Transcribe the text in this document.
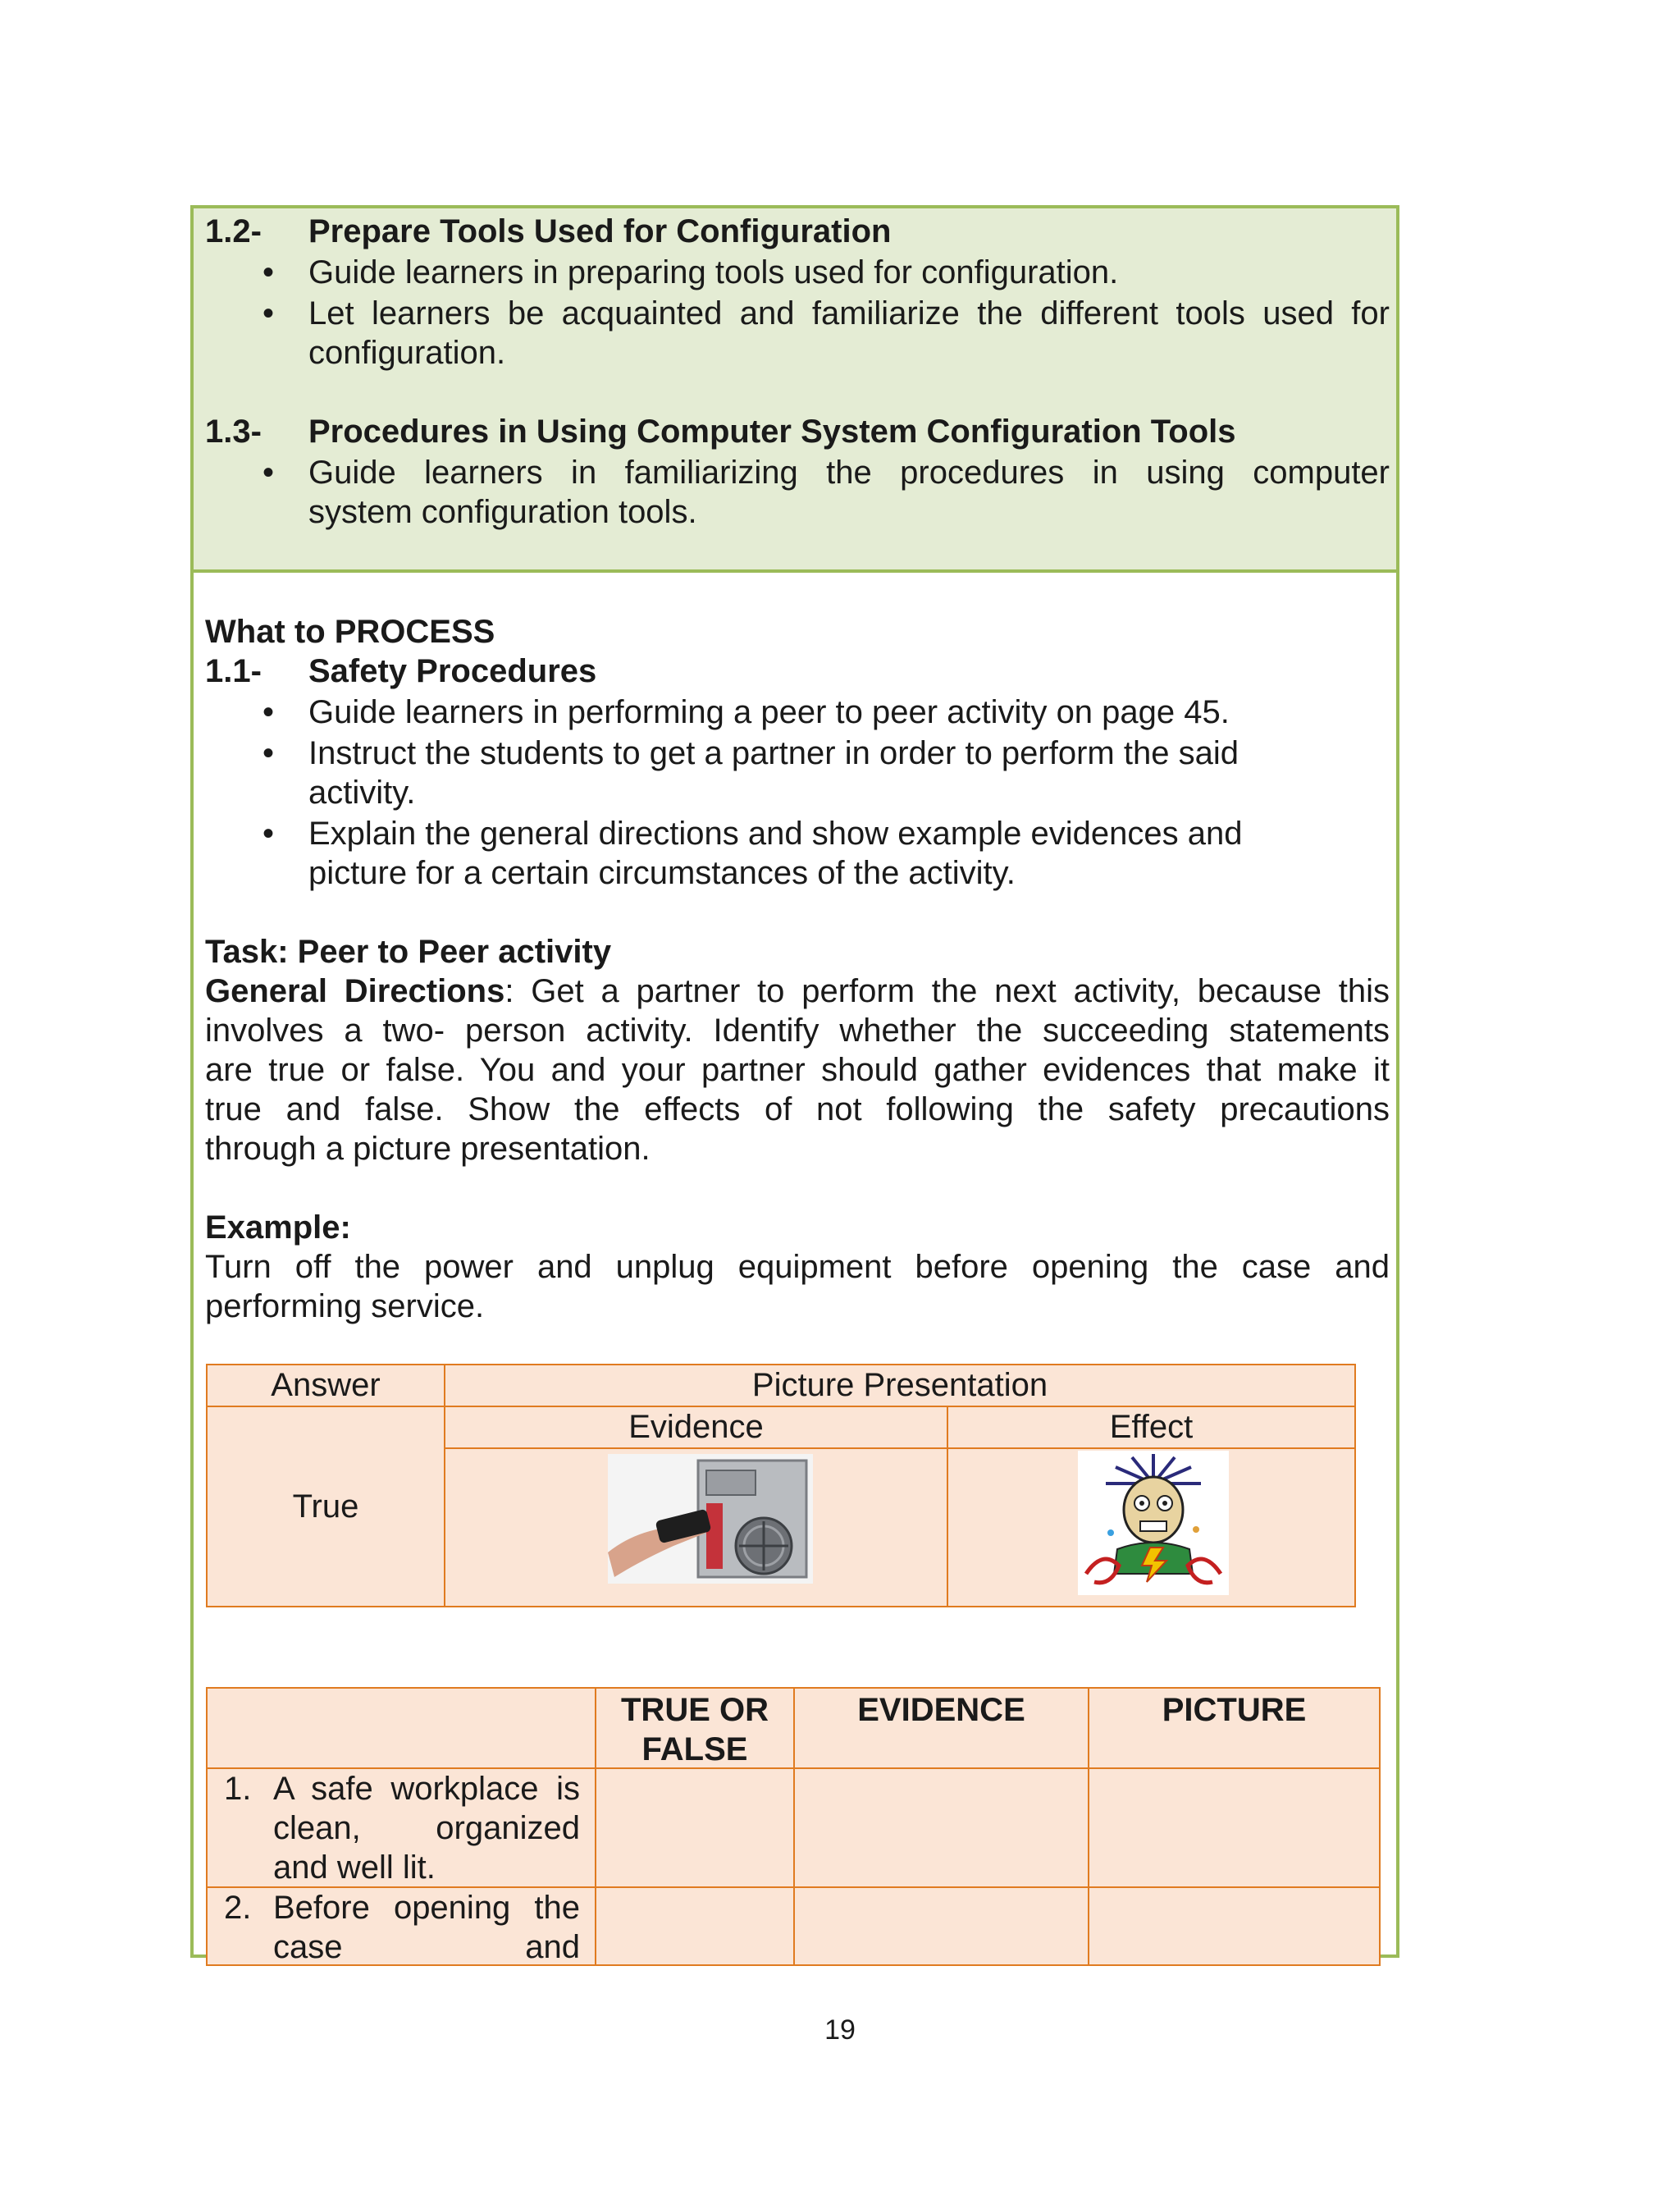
1.2- Prepare Tools Used for Configuration
• Guide learners in preparing tools used for configuration.
• Let learners be acquainted and familiarize the different tools used for
configuration.
1.3- Procedures in Using Computer System Configuration Tools
• Guide learners in familiarizing the procedures in using computer
system configuration tools.
What to PROCESS
1.1- Safety Procedures
• Guide learners in performing a peer to peer activity on page 45.
• Instruct the students to get a partner in order to perform the said
activity.
• Explain the general directions and show example evidences and
picture for a certain circumstances of the activity.
Task: Peer to Peer activity
General Directions: Get a partner to perform the next activity, because this
involves a two- person activity. Identify whether the succeeding statements
are true or false. You and your partner should gather evidences that make it
true and false. Show the effects of not following the safety precautions
through a picture presentation.
Example:
Turn off the power and unplug equipment before opening the case and
performing service.
Answer
True
Picture Presentation
Evidence	Effect
TRUE OR
FALSE
EVIDENCE	PICTURE
1. A safe workplace is
clean, organized
and well lit.
2. Before opening the
case and
19
